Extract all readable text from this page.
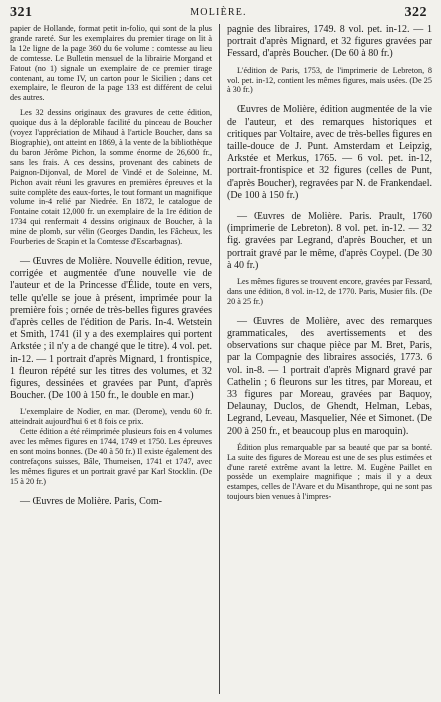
321	MOLIÈRE.	322

papier de Hollande, format petit in-folio, qui sont de la plus grande rareté. Sur les exemplaires du premier tirage on lit à la 12e ligne de la page 360 du 6e volume : comtesse au lieu de comtesse. Le Bulletin mensuel de la librairie Morgand et Fatout (no 1) signale un exemplaire de ce premier tirage contenant, au tome IV, un carton pour le Sicilien ; dans cet exemplaire, le fleuron de la page 133 est différent de celui des autres.

Les 32 dessins originaux des gravures de cette édition, quoique dus à la déplorable facilité du pinceau de Boucher (voyez l'appréciation de Mihaud à l'article Boucher, dans sa Biographie), ont atteint en 1869, à la vente de la bibliothèque du baron Jérôme Pichon, la somme énorme de 26,600 fr., sans les frais. A ces dessins, provenant des cabinets de Paignon-Dijonval, de Morel de Vindé et de Soleinne, M. Pichon avait réuni les gravures en premières épreuves et la suite complète des eaux-fortes, le tout formant un magnifique volume in-4 relié par Niedrée. En 1872, le catalogue de Fontaine cotait 12,000 fr. un exemplaire de la 1re édition de 1734 qui renfermait 4 dessins originaux de Boucher, à la mine de plomb, sur vélin (Georges Dandin, les Fâcheux, les Fourberies de Scapin et la Comtesse d'Escarbagnas).

— Œuvres de Molière. Nouvelle édition, revue, corrigée et augmentée d'une nouvelle vie de l'auteur et de la Princesse d'Élide, toute en vers, telle qu'elle se joue à présent, imprimée pour la première fois ; ornée de très-belles figures gravées d'après celles de l'édition de Paris. In-4. Wetstein et Smith, 1741 (il y a des exemplaires qui portent Arkstée ; il n'y a de changé que le titre). 4 vol. pet. in-12. — 1 portrait d'après Mignard, 1 frontispice, 1 fleuron répété sur les titres des volumes, et 32 figures, dessinées et gravées par Punt, d'après Boucher. (De 100 à 150 fr., le double en mar.)

L'exemplaire de Nodier, en mar. (Derome), vendu 60 fr. atteindrait aujourd'hui 6 et 8 fois ce prix.

Cette édition a été réimprimée plusieurs fois en 4 volumes avec les mêmes figures en 1744, 1749 et 1750. Les épreuves en sont moins bonnes. (De 40 à 50 fr.) Il existe également des contrefaçons suisses, Bâle, Thurneisen, 1741 et 1747, avec les mêmes figures et un portrait gravé par Karl Stocklin. (De 15 à 20 fr.)

— Œuvres de Molière. Paris, Com-

pagnie des libraires, 1749. 8 vol. pet. in-12. — 1 portrait d'après Mignard, et 32 figures gravées par Fessard, d'après Boucher. (De 60 à 80 fr.)

L'édition de Paris, 1753, de l'imprimerie de Lebreton, 8 vol. pet. in-12, contient les mêmes figures, mais usées. (De 25 à 30 fr.)

Œuvres de Molière, édition augmentée de la vie de l'auteur, et des remarques historiques et critiques par Voltaire, avec de très-belles figures en taille-douce de J. Punt. Amsterdam et Leipzig, Arkstée et Merkus, 1765. — 6 vol. pet. in-12, portrait-frontispice et 32 figures (celles de Punt, d'après Boucher), regravées par N. de Frankendael. (De 100 à 150 fr.)

— Œuvres de Molière. Paris. Prault, 1760 (imprimerie de Lebreton). 8 vol. pet. in-12. — 32 fig. gravées par Legrand, d'après Boucher, et un portrait gravé par le même, d'après Coypel. (De 30 à 40 fr.)

Les mêmes figures se trouvent encore, gravées par Fessard, dans une édition, 8 vol. in-12, de 1770. Paris, Musier fils. (De 20 à 25 fr.)

— Œuvres de Molière, avec des remarques grammaticales, des avertissements et des observations sur chaque pièce par M. Bret, Paris, par la Compagnie des libraires associés, 1773. 6 vol. in-8. — 1 portrait d'après Mignard gravé par Cathelin ; 6 fleurons sur les titres, par Moreau, et 33 figures par Moreau, gravées par Baquoy, Delaunay, Duclos, de Ghendt, Helman, Lebas, Legrand, Leveau, Masquelier, Née et Simonet. (De 200 à 250 fr., et beaucoup plus en maroquin).

Édition plus remarquable par sa beauté que par sa bonté. La suite des figures de Moreau est une de ses plus estimées et d'une rareté extrême avant la lettre. M. Eugène Paillet en possède un exemplaire magnifique ; mais il y a deux estampes, celles de l'Avare et du Misanthrope, qui ne sont pas toujours bien venues à l'impres-
